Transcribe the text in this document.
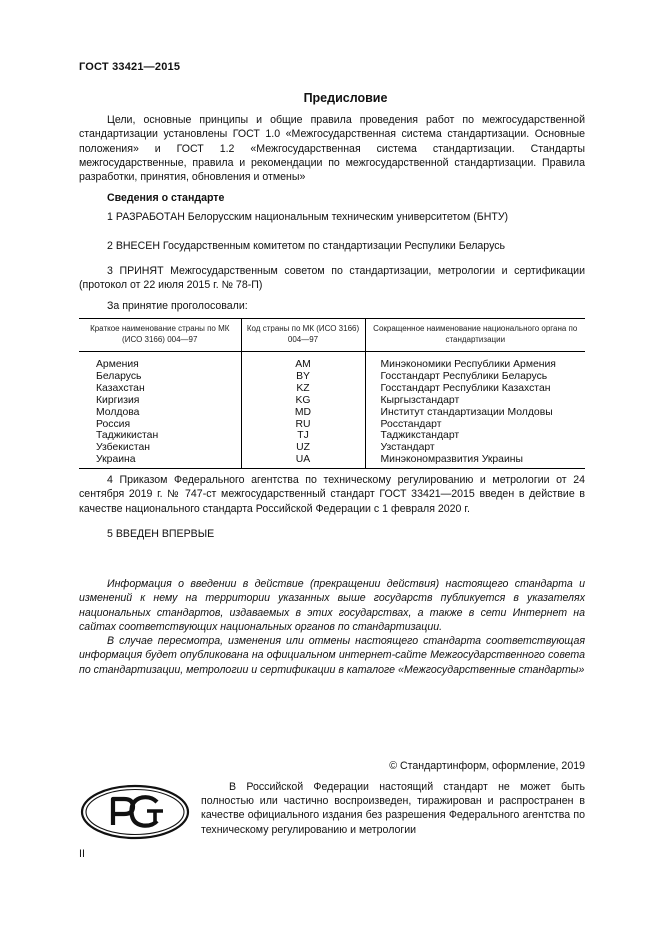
ГОСТ 33421—2015
Предисловие
Цели, основные принципы и общие правила проведения работ по межгосударственной стандартизации установлены ГОСТ 1.0 «Межгосударственная система стандартизации. Основные положения» и ГОСТ 1.2 «Межгосударственная система стандартизации. Стандарты межгосударственные, правила и рекомендации по межгосударственной стандартизации. Правила разработки, принятия, обновления и отмены»
Сведения о стандарте
1 РАЗРАБОТАН Белорусским национальным техническим университетом (БНТУ)
2 ВНЕСЕН Государственным комитетом по стандартизации Респулики Беларусь
3 ПРИНЯТ Межгосударственным советом по стандартизации, метрологии и сертификации (протокол от 22 июля 2015 г. № 78-П)
За принятие проголосовали:
Краткое наименование страны по МК (ИСО 3166) 004—97	Код страны по МК (ИСО 3166) 004—97	Сокращенное наименование национального органа по стандартизации
Армения	AM	Минэкономики Республики Армения
Беларусь	BY	Госстандарт Республики Беларусь
Казахстан	KZ	Госстандарт Республики Казахстан
Киргизия	KG	Кыргызстандарт
Молдова	MD	Институт стандартизации Молдовы
Россия	RU	Росстандарт
Таджикистан	TJ	Таджикстандарт
Узбекистан	UZ	Узстандарт
Украина	UA	Минэкономразвития Украины
4 Приказом Федерального агентства по техническому регулированию и метрологии от 24 сентября 2019 г. № 747-ст межгосударственный стандарт ГОСТ 33421—2015 введен в действие в качестве национального стандарта Российской Федерации с 1 февраля 2020 г.
5 ВВЕДЕН ВПЕРВЫЕ
Информация о введении в действие (прекращении действия) настоящего стандарта и изменений к нему на территории указанных выше государств публикуется в указателях национальных стандартов, издаваемых в этих государствах, а также в сети Интернет на сайтах соответствующих национальных органов по стандартизации.
В случае пересмотра, изменения или отмены настоящего стандарта соответствующая информация будет опубликована на официальном интернет-сайте Межгосударственного совета по стандартизации, метрологии и сертификации в каталоге «Межгосударственные стандарты»
© Стандартинформ, оформление, 2019
В Российской Федерации настоящий стандарт не может быть полностью или частично воспроизведен, тиражирован и распространен в качестве официального издания без разрешения Федерального агентства по техническому регулированию и метрологии
II
